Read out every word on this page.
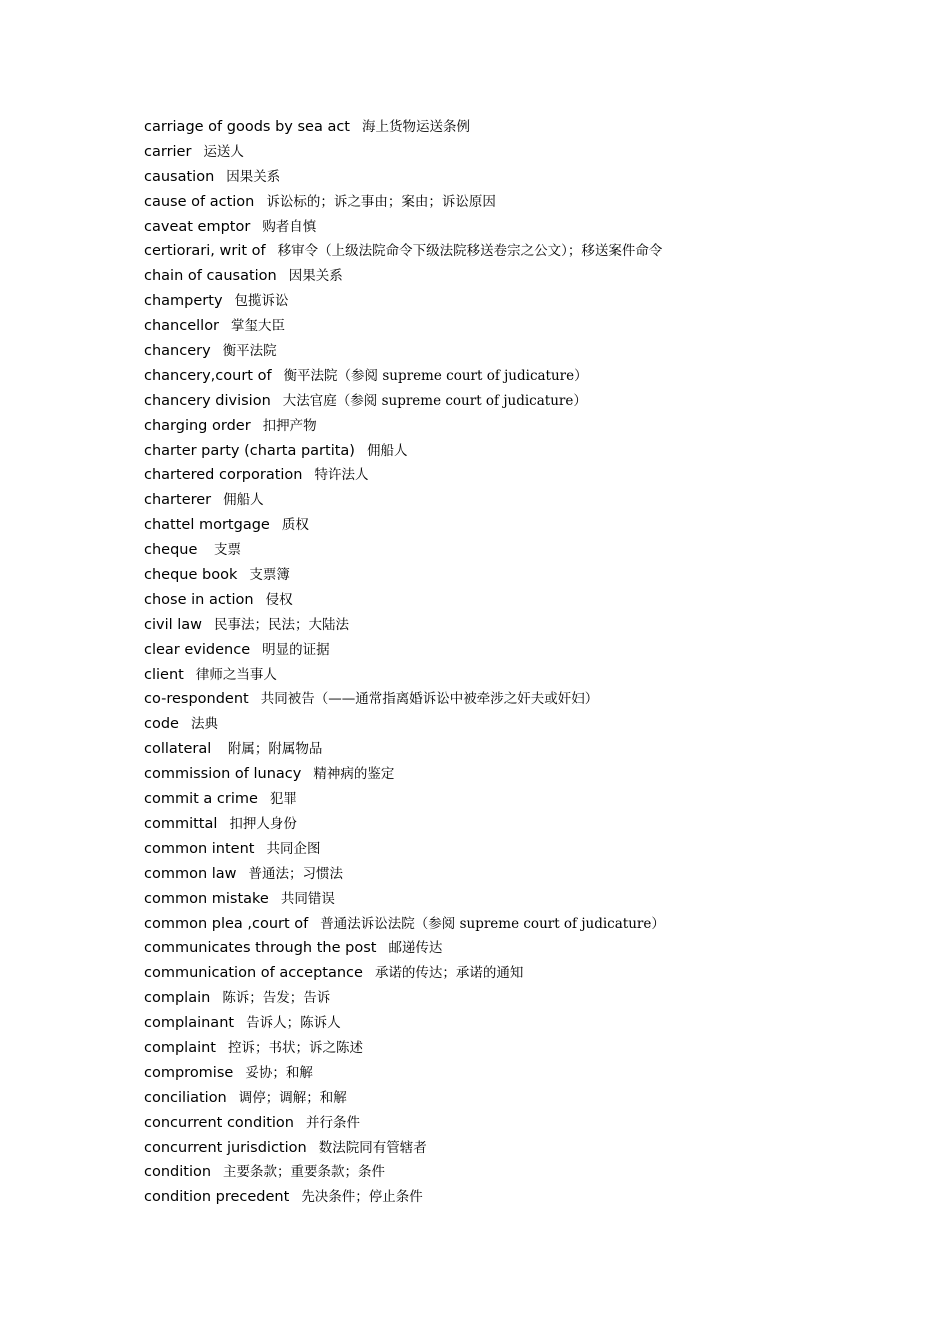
carriage of goods by sea act 海上货物运送条例
carrier 运送人
causation 因果关系
cause of action 诉讼标的；诉之事由；案由；诉讼原因
caveat emptor 购者自慎
certiorari, writ of 移审令（上级法院命令下级法院移送卷宗之公文）；移送案件命令
chain of causation 因果关系
champerty 包揽诉讼
chancellor 掌玺大臣
chancery 衡平法院
chancery,court of 衡平法院（参阅 supreme court of judicature）
chancery division 大法官庭（参阅 supreme court of judicature）
charging order 扣押产物
charter party (charta partita) 佣船人
chartered corporation 特许法人
charterer 佣船人
chattel mortgage 质权
cheque 支票
cheque book 支票簿
chose in action 侵权
civil law 民事法；民法；大陆法
clear evidence 明显的证据
client 律师之当事人
co-respondent 共同被告（——通常指离婚诉讼中被牵涉之奸夫或奸妇）
code 法典
collateral 附属；附属物品
commission of lunacy 精神病的鉴定
commit a crime 犯罪
committal 扣押人身份
common intent 共同企图
common law 普通法；习惯法
common mistake 共同错误
common plea ,court of 普通法诉讼法院（参阅 supreme court of judicature）
communicates through the post 邮递传达
communication of acceptance 承诺的传达；承诺的通知
complain 陈诉；告发；告诉
complainant 告诉人；陈诉人
complaint 控诉；书状；诉之陈述
compromise 妥协；和解
conciliation 调停；调解；和解
concurrent condition 并行条件
concurrent jurisdiction 数法院同有管辖者
condition 主要条款；重要条款；条件
condition precedent 先决条件；停止条件
